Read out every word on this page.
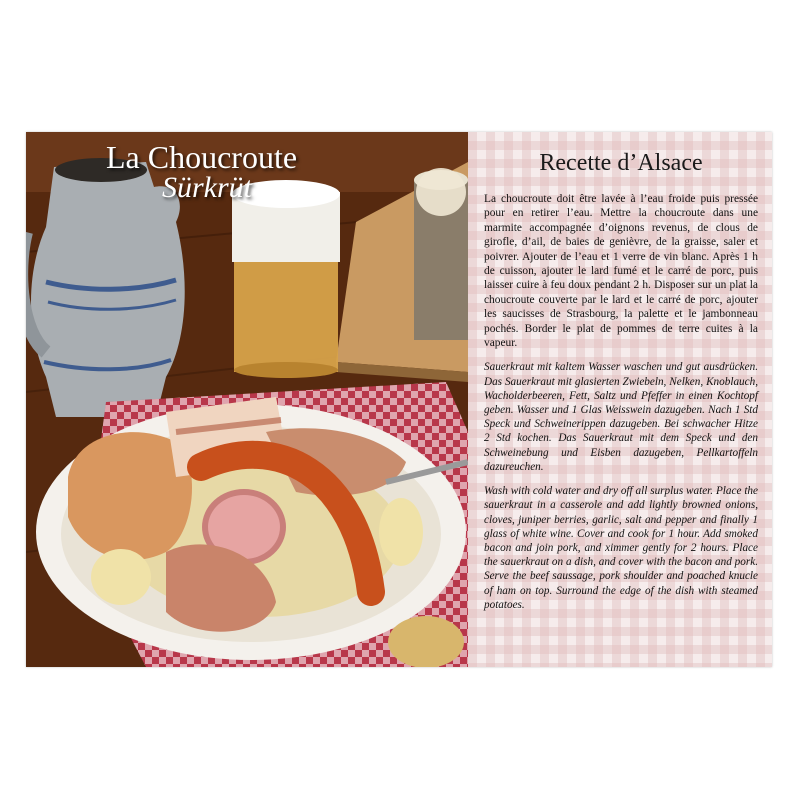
La Choucroute
Sürkrüt
Recette d’Alsace

La choucroute doit être lavée à l’eau froide puis pressée pour en retirer l’eau. Mettre la choucroute dans une marmite accompagnée d’oignons revenus, de clous de girofle, d’ail, de baies de genièvre, de la graisse, saler et poivrer. Ajouter de l’eau et 1 verre de vin blanc. Après 1 h de cuisson, ajouter le lard fumé et le carré de porc, puis laisser cuire à feu doux pendant 2 h. Disposer sur un plat la choucroute couverte par le lard et le carré de porc, ajouter les saucisses de Strasbourg, la palette et le jambonneau pochés. Border le plat de pommes de terre cuites à la vapeur.

Sauerkraut mit kaltem Wasser waschen und gut ausdrücken. Das Sauerkraut mit glasierten Zwiebeln, Nelken, Knoblauch, Wacholderbeeren, Fett, Saltz und Pfeffer in einen Kochtopf geben. Wasser und 1 Glas Weisswein dazugeben. Nach 1 Std Speck und Schweinerippen dazugeben. Bei schwacher Hitze 2 Std kochen. Das Sauerkraut mit dem Speck und den Schweinebung und Eisben dazugeben, Pellkartoffeln dazureuchen.

Wash with cold water and dry off all surplus water. Place the sauerkraut in a casserole and add lightly browned onions, cloves, juniper berries, garlic, salt and pepper and finally 1 glass of white wine. Cover and cook for 1 hour. Add smoked bacon and join pork, and ximmer gently for 2 hours. Place the sauerkraut on a dish, and cover with the bacon and pork. Serve the beef saussage, pork shoulder and poached knucle of ham on top. Surround the edge of the dish with steamed potatoes.
